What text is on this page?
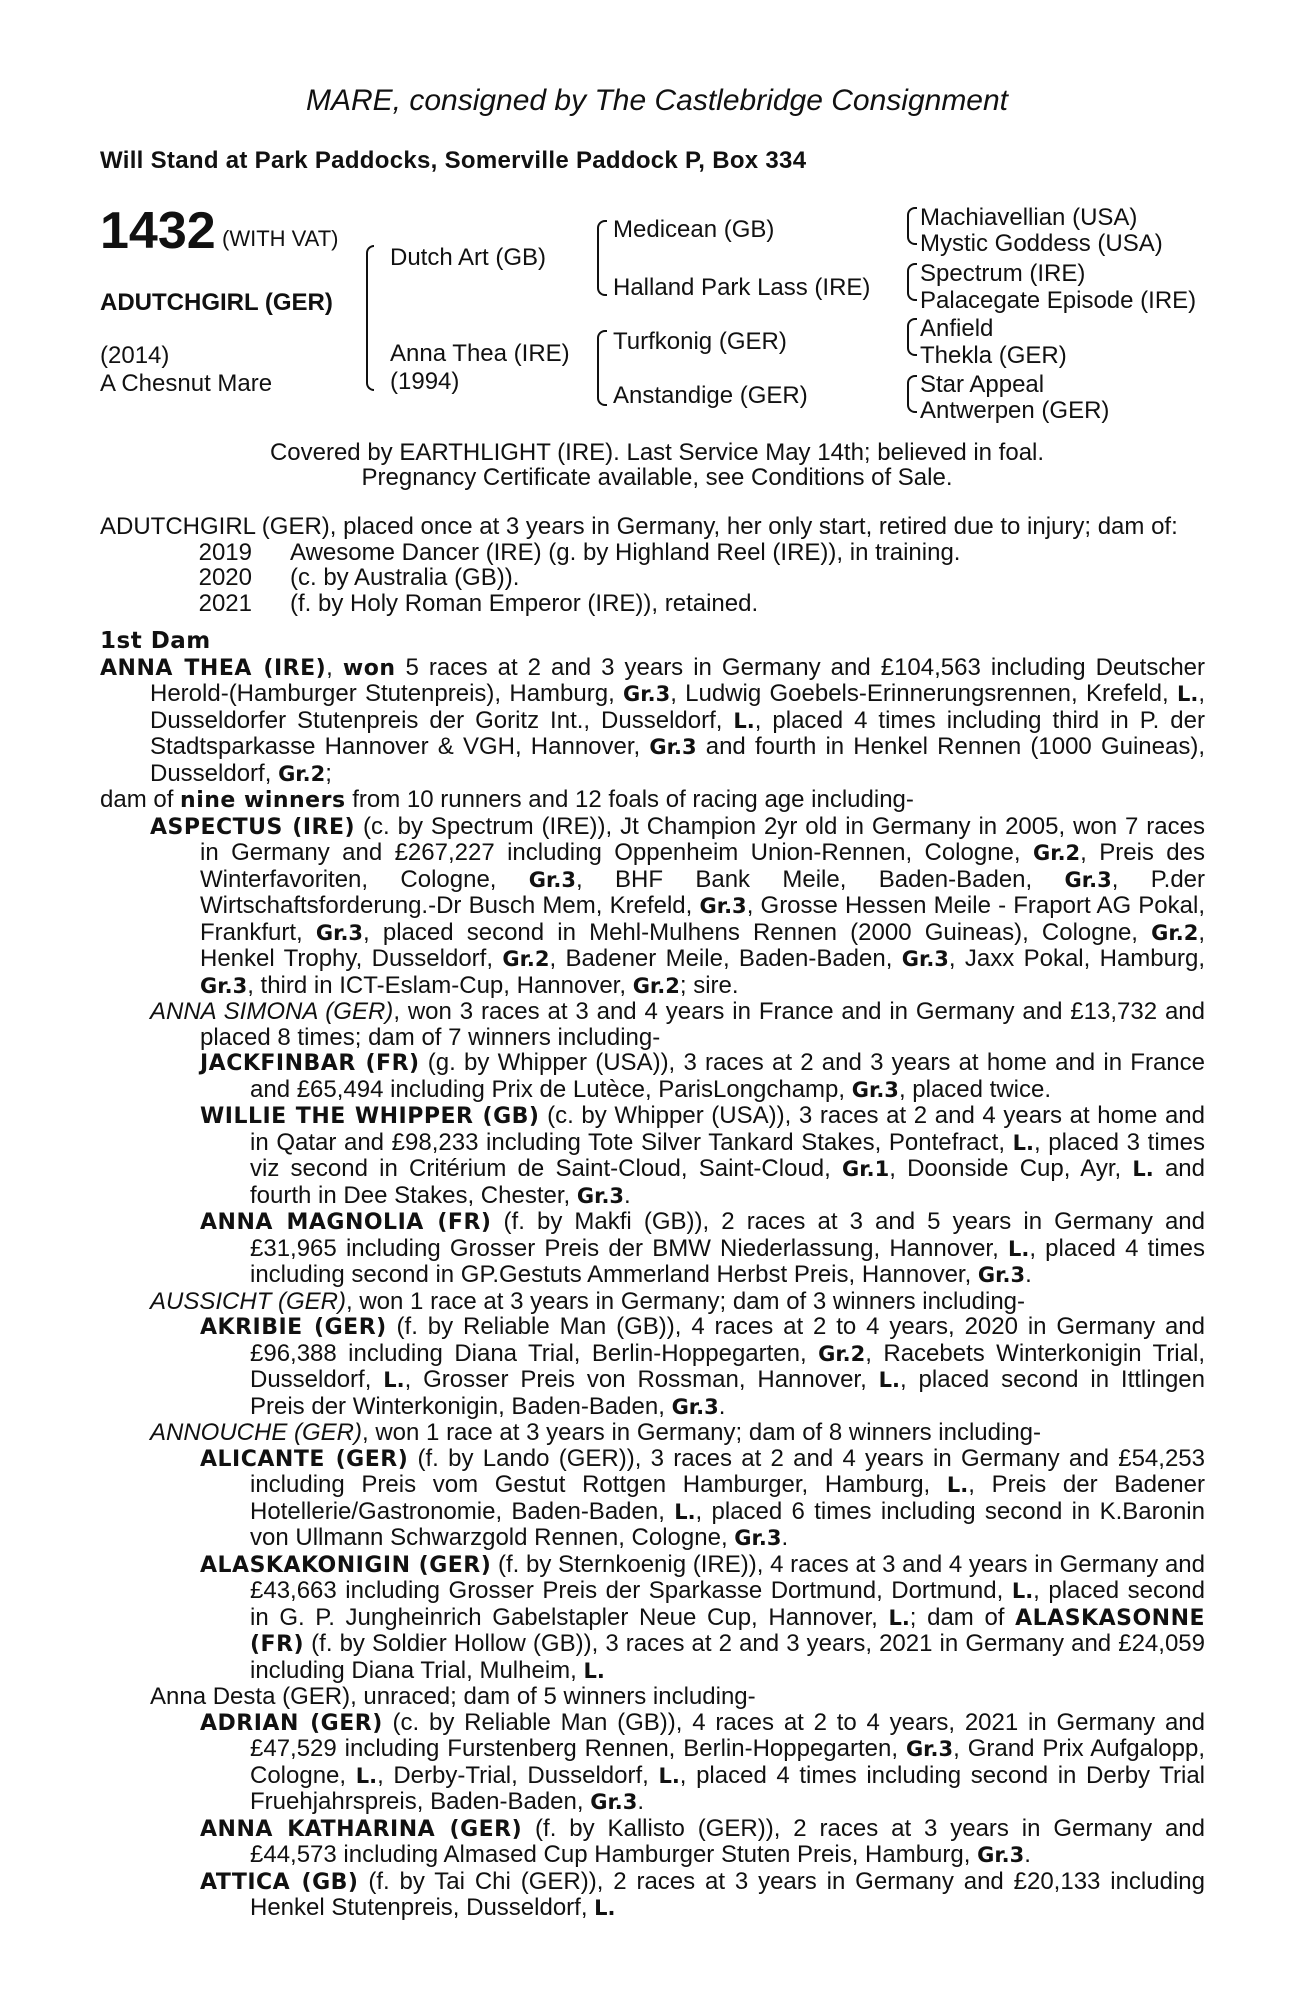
MARE, consigned by The Castlebridge Consignment
Will Stand at Park Paddocks, Somerville Paddock P, Box 334
1432 (WITH VAT)
ADUTCHGIRL (GER)
(2014)
A Chesnut Mare
Dutch Art (GB)
Anna Thea (IRE)
(1994)
Medicean (GB)
Halland Park Lass (IRE)
Turfkonig (GER)
Anstandige (GER)
Machiavellian (USA)
Mystic Goddess (USA)
Spectrum (IRE)
Palacegate Episode (IRE)
Anfield
Thekla (GER)
Star Appeal
Antwerpen (GER)
Covered by EARTHLIGHT (IRE). Last Service May 14th; believed in foal.
Pregnancy Certificate available, see Conditions of Sale.

ADUTCHGIRL (GER), placed once at 3 years in Germany, her only start, retired due to injury; dam of:

2019	Awesome Dancer (IRE) (g. by Highland Reel (IRE)), in training.
2020	(c. by Australia (GB)).
2021	(f. by Holy Roman Emperor (IRE)), retained.

1st Dam

ANNA THEA (IRE), won 5 races at 2 and 3 years in Germany and £104,563 including Deutscher Herold-(Hamburger Stutenpreis), Hamburg, Gr.3, Ludwig Goebels-Erinnerungsrennen, Krefeld, L., Dusseldorfer Stutenpreis der Goritz Int., Dusseldorf, L., placed 4 times including third in P. der Stadtsparkasse Hannover & VGH, Hannover, Gr.3 and fourth in Henkel Rennen (1000 Guineas), Dusseldorf, Gr.2;

dam of nine winners from 10 runners and 12 foals of racing age including-

ASPECTUS (IRE) (c. by Spectrum (IRE)), Jt Champion 2yr old in Germany in 2005, won 7 races in Germany and £267,227 including Oppenheim Union-Rennen, Cologne, Gr.2, Preis des Winterfavoriten, Cologne, Gr.3, BHF Bank Meile, Baden-Baden, Gr.3, P.der Wirtschaftsforderung.-Dr Busch Mem, Krefeld, Gr.3, Grosse Hessen Meile - Fraport AG Pokal, Frankfurt, Gr.3, placed second in Mehl-Mulhens Rennen (2000 Guineas), Cologne, Gr.2, Henkel Trophy, Dusseldorf, Gr.2, Badener Meile, Baden-Baden, Gr.3, Jaxx Pokal, Hamburg, Gr.3, third in ICT-Eslam-Cup, Hannover, Gr.2; sire.

ANNA SIMONA (GER), won 3 races at 3 and 4 years in France and in Germany and £13,732 and placed 8 times; dam of 7 winners including-

JACKFINBAR (FR) (g. by Whipper (USA)), 3 races at 2 and 3 years at home and in France and £65,494 including Prix de Lutèce, ParisLongchamp, Gr.3, placed twice.

WILLIE THE WHIPPER (GB) (c. by Whipper (USA)), 3 races at 2 and 4 years at home and in Qatar and £98,233 including Tote Silver Tankard Stakes, Pontefract, L., placed 3 times viz second in Critérium de Saint-Cloud, Saint-Cloud, Gr.1, Doonside Cup, Ayr, L. and fourth in Dee Stakes, Chester, Gr.3.

ANNA MAGNOLIA (FR) (f. by Makfi (GB)), 2 races at 3 and 5 years in Germany and £31,965 including Grosser Preis der BMW Niederlassung, Hannover, L., placed 4 times including second in GP.Gestuts Ammerland Herbst Preis, Hannover, Gr.3.

AUSSICHT (GER), won 1 race at 3 years in Germany; dam of 3 winners including-

AKRIBIE (GER) (f. by Reliable Man (GB)), 4 races at 2 to 4 years, 2020 in Germany and £96,388 including Diana Trial, Berlin-Hoppegarten, Gr.2, Racebets Winterkonigin Trial, Dusseldorf, L., Grosser Preis von Rossman, Hannover, L., placed second in Ittlingen Preis der Winterkonigin, Baden-Baden, Gr.3.

ANNOUCHE (GER), won 1 race at 3 years in Germany; dam of 8 winners including-

ALICANTE (GER) (f. by Lando (GER)), 3 races at 2 and 4 years in Germany and £54,253 including Preis vom Gestut Rottgen Hamburger, Hamburg, L., Preis der Badener Hotellerie/Gastronomie, Baden-Baden, L., placed 6 times including second in K.Baronin von Ullmann Schwarzgold Rennen, Cologne, Gr.3.

ALASKAKONIGIN (GER) (f. by Sternkoenig (IRE)), 4 races at 3 and 4 years in Germany and £43,663 including Grosser Preis der Sparkasse Dortmund, Dortmund, L., placed second in G. P. Jungheinrich Gabelstapler Neue Cup, Hannover, L.; dam of ALASKASONNE (FR) (f. by Soldier Hollow (GB)), 3 races at 2 and 3 years, 2021 in Germany and £24,059 including Diana Trial, Mulheim, L.

Anna Desta (GER), unraced; dam of 5 winners including-

ADRIAN (GER) (c. by Reliable Man (GB)), 4 races at 2 to 4 years, 2021 in Germany and £47,529 including Furstenberg Rennen, Berlin-Hoppegarten, Gr.3, Grand Prix Aufgalopp, Cologne, L., Derby-Trial, Dusseldorf, L., placed 4 times including second in Derby Trial Fruehjahrspreis, Baden-Baden, Gr.3.

ANNA KATHARINA (GER) (f. by Kallisto (GER)), 2 races at 3 years in Germany and £44,573 including Almased Cup Hamburger Stuten Preis, Hamburg, Gr.3.

ATTICA (GB) (f. by Tai Chi (GER)), 2 races at 3 years in Germany and £20,133 including Henkel Stutenpreis, Dusseldorf, L.
